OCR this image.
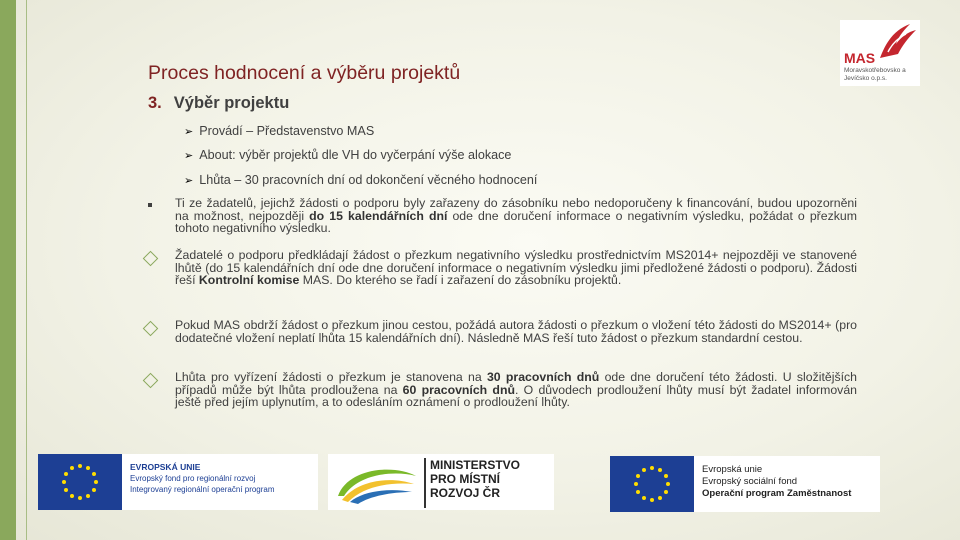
MAS
Moravskotřebovsko a Jevíčsko o.p.s.
Proces hodnocení a výběru projektů
3. Výběr projektu
➢ Provádí – Představenstvo MAS
➢ About: výběr projektů dle VH do vyčerpání výše alokace
➢ Lhůta – 30 pracovních dní od dokončení věcného hodnocení
Ti ze žadatelů, jejichž žádosti o podporu byly zařazeny do zásobníku nebo nedoporučeny k financování, budou upozorněni na možnost, nejpozději do 15 kalendářních dní ode dne doručení informace o negativním výsledku, požádat o přezkum tohoto negativního výsledku.
Žadatelé o podporu předkládají žádost o přezkum negativního výsledku prostřednictvím MS2014+ nejpozději ve stanovené lhůtě (do 15 kalendářních dní ode dne doručení informace o negativním výsledku jimi předložené žádosti o podporu). Žádosti řeší Kontrolní komise MAS. Do kterého se řadí i zařazení do zásobníku projektů.
Pokud MAS obdrží žádost o přezkum jinou cestou, požádá autora žádosti o přezkum o vložení této žádosti do MS2014+ (pro dodatečné vložení neplatí lhůta 15 kalendářních dní). Následně MAS řeší tuto žádost o přezkum standardní cestou.
Lhůta pro vyřízení žádosti o přezkum je stanovena na 30 pracovních dnů ode dne doručení této žádosti. U složitějších případů může být lhůta prodloužena na 60 pracovních dnů. O důvodech prodloužení lhůty musí být žadatel informován ještě před jejím uplynutím, a to odesláním oznámení o prodloužení lhůty.
EVROPSKÁ UNIE
Evropský fond pro regionální rozvoj
Integrovaný regionální operační program
MINISTERSTVO
PRO MÍSTNÍ
ROZVOJ ČR
Evropská unie
Evropský sociální fond
Operační program Zaměstnanost
